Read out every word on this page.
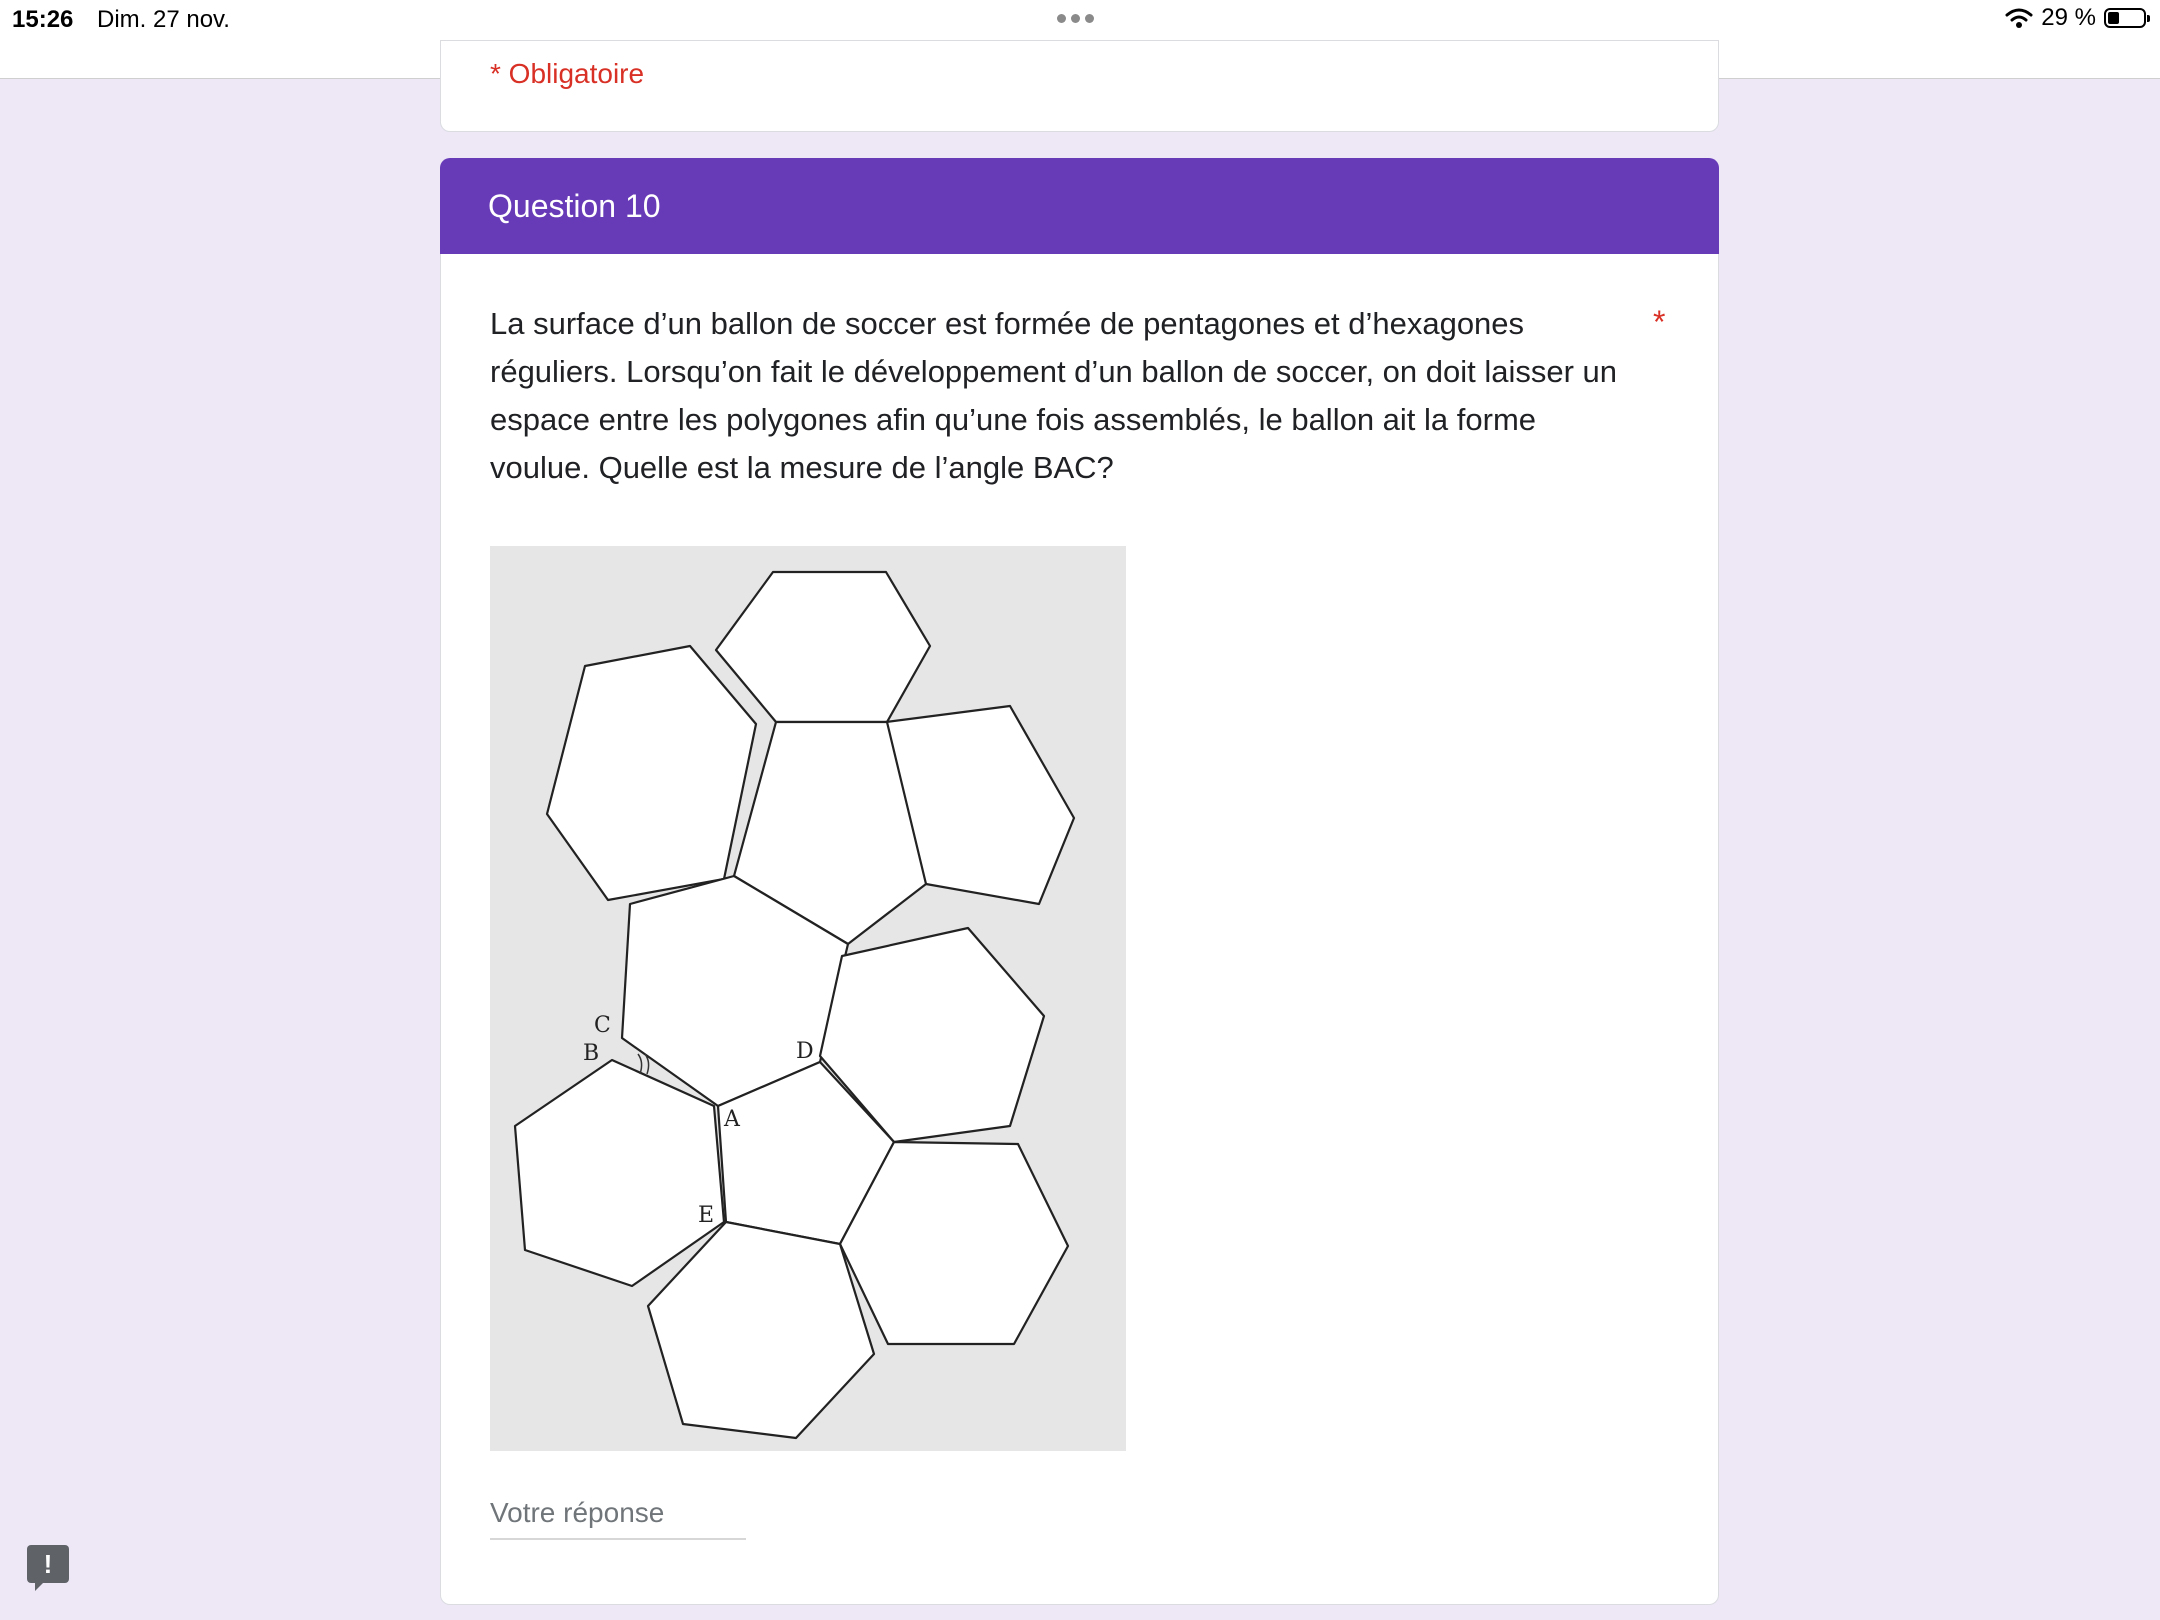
15:26 Dim. 27 nov.	29 %
* Obligatoire
Question 10
La surface d’un ballon de soccer est formée de pentagones et d’hexagones réguliers. Lorsqu’on fait le développement d’un ballon de soccer, on doit laisser un espace entre les polygones afin qu’une fois assemblés, le ballon ait la forme voulue. Quelle est la mesure de l’angle BAC?
*
C
B	D
A
E
Votre réponse
!
